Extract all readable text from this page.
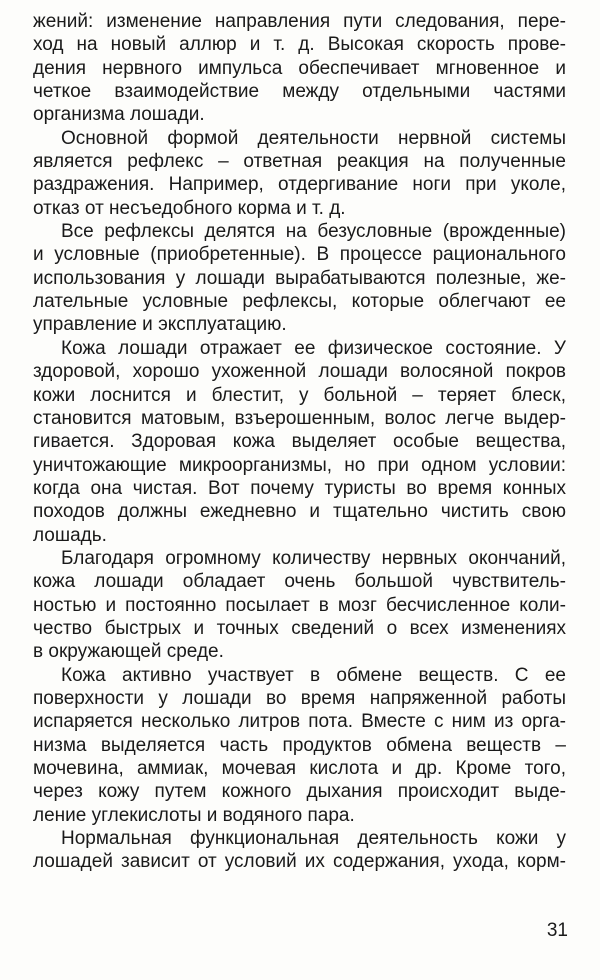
жений: изменение направления пути следования, пере-
ход на новый аллюр и т. д. Высокая скорость прове-
дения нервного импульса обеспечивает мгновенное и
четкое взаимодействие между отдельными частями
организма лошади.
Основной формой деятельности нервной системы
является рефлекс – ответная реакция на полученные
раздражения. Например, отдергивание ноги при уколе,
отказ от несъедобного корма и т. д.
Все рефлексы делятся на безусловные (врожденные)
и условные (приобретенные). В процессе рационального
использования у лошади вырабатываются полезные, же-
лательные условные рефлексы, которые облегчают ее
управление и эксплуатацию.
Кожа лошади отражает ее физическое состояние. У
здоровой, хорошо ухоженной лошади волосяной покров
кожи лоснится и блестит, у больной – теряет блеск,
становится матовым, взъерошенным, волос легче выдер-
гивается. Здоровая кожа выделяет особые вещества,
уничтожающие микроорганизмы, но при одном условии:
когда она чистая. Вот почему туристы во время конных
походов должны ежедневно и тщательно чистить свою
лошадь.
Благодаря огромному количеству нервных окончаний,
кожа лошади обладает очень большой чувствитель-
ностью и постоянно посылает в мозг бесчисленное коли-
чество быстрых и точных сведений о всех изменениях
в окружающей среде.
Кожа активно участвует в обмене веществ. С ее
поверхности у лошади во время напряженной работы
испаряется несколько литров пота. Вместе с ним из орга-
низма выделяется часть продуктов обмена веществ –
мочевина, аммиак, мочевая кислота и др. Кроме того,
через кожу путем кожного дыхания происходит выде-
ление углекислоты и водяного пара.
Нормальная функциональная деятельность кожи у
лошадей зависит от условий их содержания, ухода, корм-
31
